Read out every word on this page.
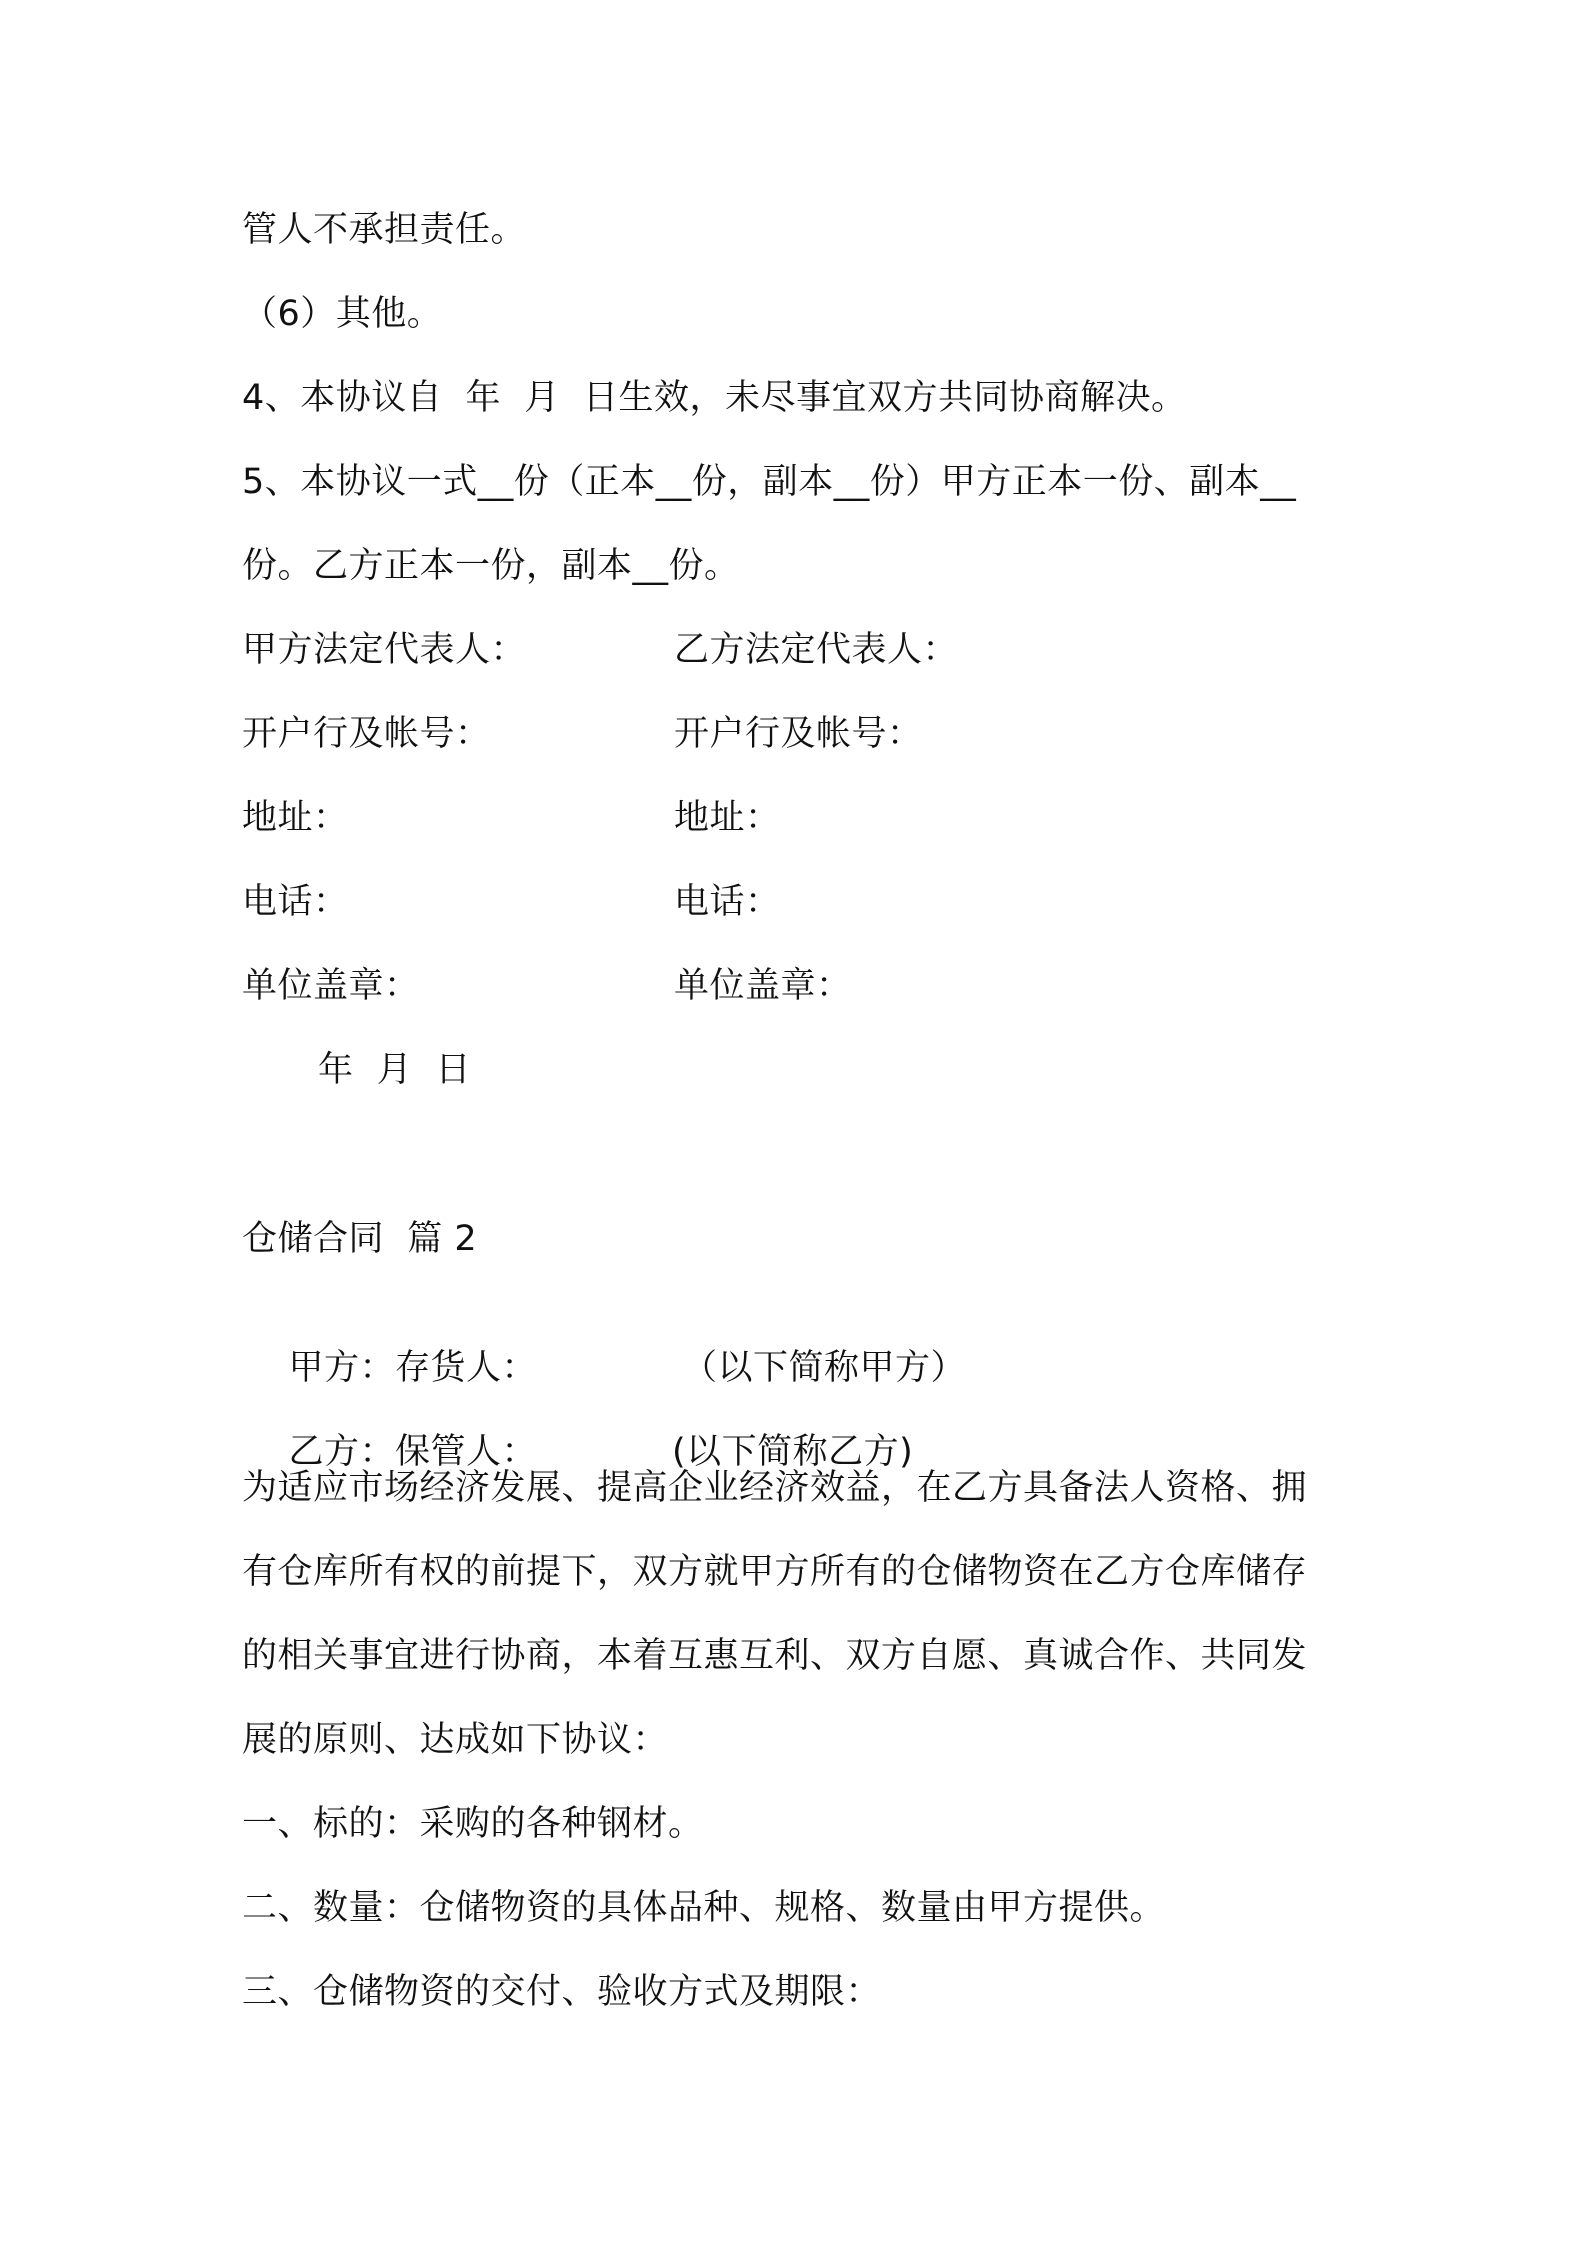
管人不承担责任。
（6）其他。
4、本协议自  年  月  日生效，未尽事宜双方共同协商解决。
5、本协议一式__份（正本__份，副本__份）甲方正本一份、副本__
份。乙方正本一份，副本__份。
甲方法定代表人：	乙方法定代表人：
开户行及帐号：	开户行及帐号：
地址：	地址：
电话：	电话：
单位盖章：	单位盖章：
年  月  日
仓储合同  篇 2

甲方：存货人：	（以下简称甲方）

乙方：保管人：	(以下简称乙方)

为适应市场经济发展、提高企业经济效益，在乙方具备法人资格、拥
有仓库所有权的前提下，双方就甲方所有的仓储物资在乙方仓库储存
的相关事宜进行协商，本着互惠互利、双方自愿、真诚合作、共同发
展的原则、达成如下协议：
一、标的：采购的各种钢材。
二、数量：仓储物资的具体品种、规格、数量由甲方提供。
三、仓储物资的交付、验收方式及期限：
